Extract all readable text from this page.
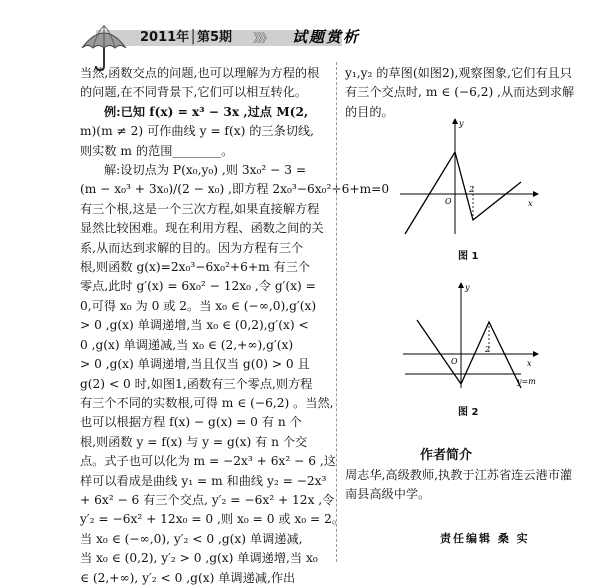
2011年│第5期 》》》 试题赏析
当然,函数交点的问题,也可以理解为方程的根
的问题,在不同背景下,它们可以相互转化。
例:已知 f(x) = x³ − 3x ,过点 M(2,
m)(m ≠ 2) 可作曲线 y = f(x) 的三条切线,
则实数 m 的范围________。
解:设切点为 P(x₀,y₀) ,则 3x₀² − 3 =
(m − x₀³ + 3x₀)/(2 − x₀) ,即方程 2x₀³−6x₀²+6+m=0
有三个根,这是一个三次方程,如果直接解方程
显然比较困难。现在利用方程、函数之间的关
系,从而达到求解的目的。因为方程有三个
根,则函数 g(x)=2x₀³−6x₀²+6+m 有三个
零点,此时 g′(x) = 6x₀² − 12x₀ ,令 g′(x) =
0,可得 x₀ 为 0 或 2。当 x₀ ∈ (−∞,0),g′(x)
> 0 ,g(x) 单调递增,当 x₀ ∈ (0,2),g′(x) <
0 ,g(x) 单调递减,当 x₀ ∈ (2,+∞),g′(x)
> 0 ,g(x) 单调递增,当且仅当 g(0) > 0 且
g(2) < 0 时,如图1,函数有三个零点,则方程
有三个不同的实数根,可得 m ∈ (−6,2) 。当然,
也可以根据方程 f(x) − g(x) = 0 有 n 个
根,则函数 y = f(x) 与 y = g(x) 有 n 个交
点。式子也可以化为 m = −2x³ + 6x² − 6 ,这
样可以看成是曲线 y₁ = m 和曲线 y₂ = −2x³
+ 6x² − 6 有三个交点, y′₂ = −6x² + 12x ,令
y′₂ = −6x² + 12x₀ = 0 ,则 x₀ = 0 或 x₀ = 2。
当 x₀ ∈ (−∞,0), y′₂ < 0 ,g(x) 单调递减,
当 x₀ ∈ (0,2), y′₂ > 0 ,g(x) 单调递增,当 x₀
∈ (2,+∞), y′₂ < 0 ,g(x) 单调递减,作出
y₁,y₂ 的草图(如图2),观察图象,它们有且只
有三个交点时, m ∈ (−6,2) ,从而达到求解
的目的。
y
x
O
2
图 1
y
x
O
2
y=m
图 2
作者简介
周志华,高级教师,执教于江苏省连云港市灌南县高级中学。
责任编辑 桑 实
